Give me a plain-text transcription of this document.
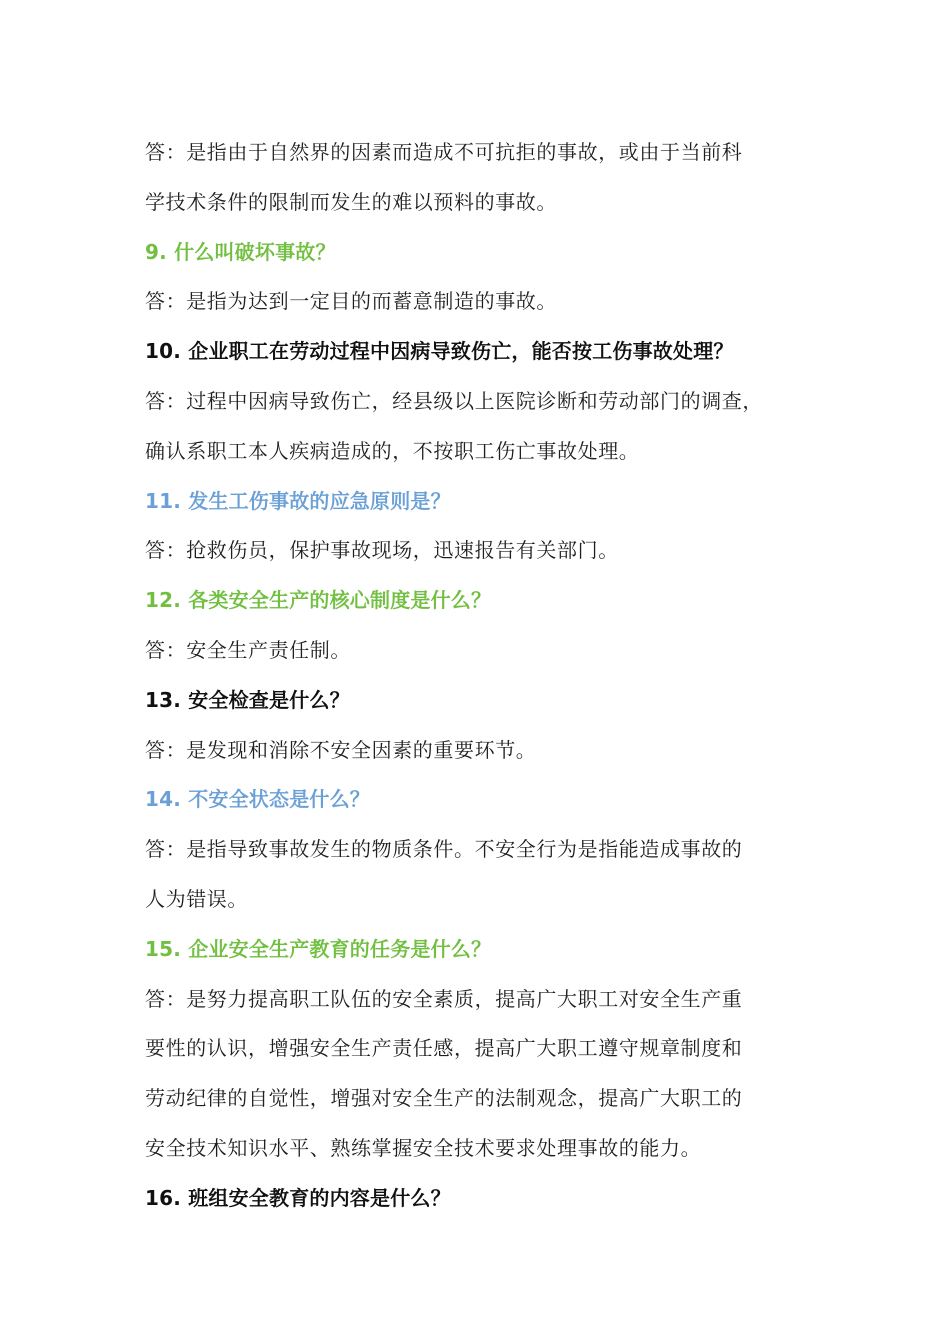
答：是指由于自然界的因素而造成不可抗拒的事故，或由于当前科
学技术条件的限制而发生的难以预料的事故。
9. 什么叫破坏事故？
答：是指为达到一定目的而蓄意制造的事故。
10. 企业职工在劳动过程中因病导致伤亡，能否按工伤事故处理？
答：过程中因病导致伤亡，经县级以上医院诊断和劳动部门的调查，
确认系职工本人疾病造成的，不按职工伤亡事故处理。
11. 发生工伤事故的应急原则是？
答：抢救伤员，保护事故现场，迅速报告有关部门。
12. 各类安全生产的核心制度是什么？
答：安全生产责任制。
13. 安全检查是什么？
答：是发现和消除不安全因素的重要环节。
14. 不安全状态是什么？
答：是指导致事故发生的物质条件。不安全行为是指能造成事故的
人为错误。
15. 企业安全生产教育的任务是什么？
答：是努力提高职工队伍的安全素质，提高广大职工对安全生产重
要性的认识，增强安全生产责任感，提高广大职工遵守规章制度和
劳动纪律的自觉性，增强对安全生产的法制观念，提高广大职工的
安全技术知识水平、熟练掌握安全技术要求处理事故的能力。
16. 班组安全教育的内容是什么？
